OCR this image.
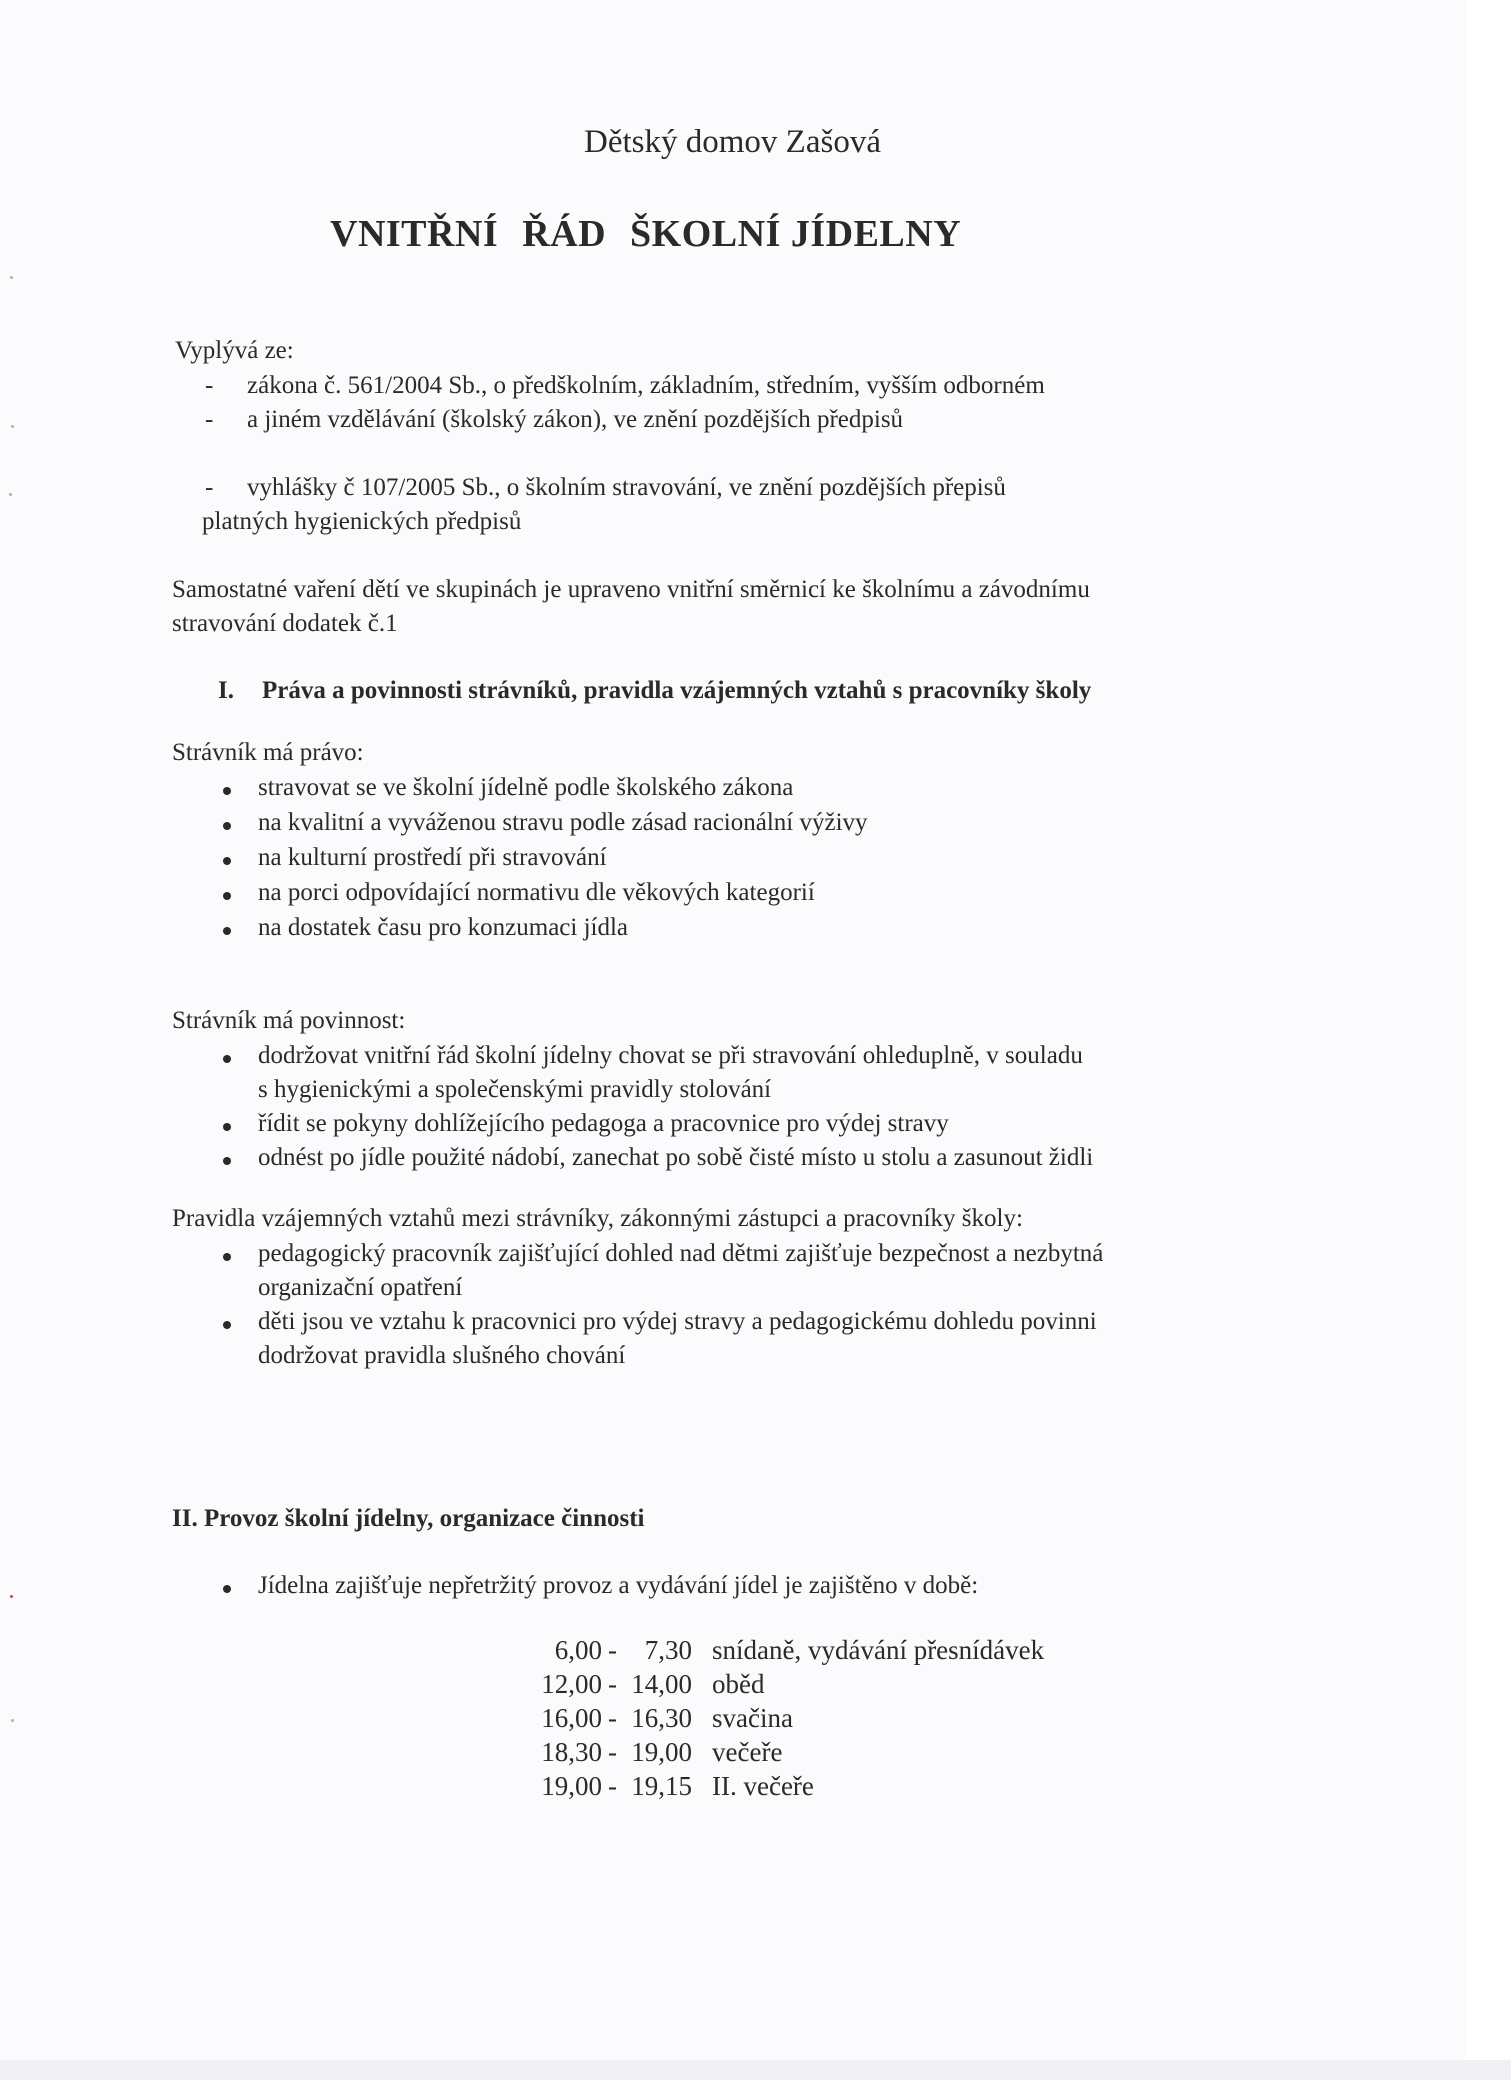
Dětský domov Zašová
VNITŘNÍ ŘÁD ŠKOLNÍ JÍDELNY
Vyplývá ze:
- zákona č. 561/2004 Sb., o předškolním, základním, středním, vyšším odborném
- a jiném vzdělávání (školský zákon), ve znění pozdějších předpisů
- vyhlášky č 107/2005 Sb., o školním stravování, ve znění pozdějších přepisů
platných hygienických předpisů
Samostatné vaření dětí ve skupinách je upraveno vnitřní směrnicí ke školnímu a závodnímu
stravování dodatek č.1
I. Práva a povinnosti strávníků, pravidla vzájemných vztahů s pracovníky školy
Strávník má právo:
stravovat se ve školní jídelně podle školského zákona
na kvalitní a vyváženou stravu podle zásad racionální výživy
na kulturní prostředí při stravování
na porci odpovídající normativu dle věkových kategorií
na dostatek času pro konzumaci jídla
Strávník má povinnost:
dodržovat vnitřní řád školní jídelny chovat se při stravování ohleduplně, v souladu
s hygienickými a společenskými pravidly stolování
řídit se pokyny dohlížejícího pedagoga a pracovnice pro výdej stravy
odnést po jídle použité nádobí, zanechat po sobě čisté místo u stolu a zasunout židli
Pravidla vzájemných vztahů mezi strávníky, zákonnými zástupci a pracovníky školy:
pedagogický pracovník zajišťující dohled nad dětmi zajišťuje bezpečnost a nezbytná
organizační opatření
děti jsou ve vztahu k pracovnici pro výdej stravy a pedagogickému dohledu povinni
dodržovat pravidla slušného chování
II. Provoz školní jídelny, organizace činnosti
Jídelna zajišťuje nepřetržitý provoz a vydávání jídel je zajištěno v době:
6,00	-	7,30	snídaně, vydávání přesnídávek
12,00	-	14,00	oběd
16,00	-	16,30	svačina
18,30	-	19,00	večeře
19,00	-	19,15	II. večeře
